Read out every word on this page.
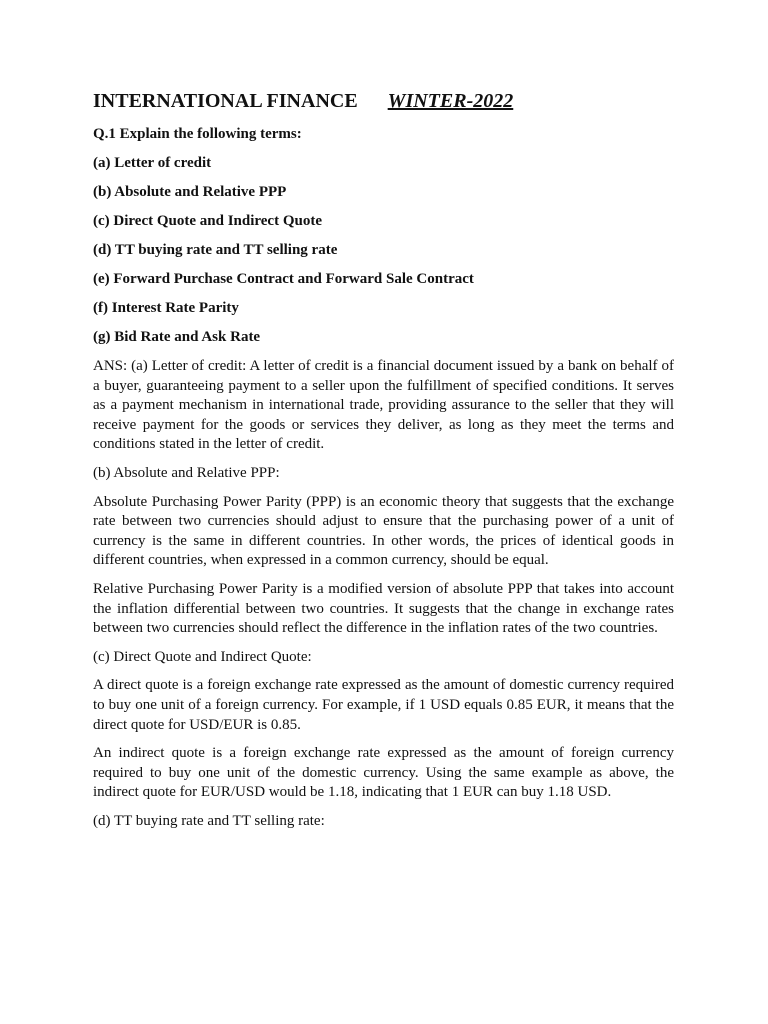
INTERNATIONAL FINANCE WINTER-2022
Q.1 Explain the following terms:
(a) Letter of credit
(b) Absolute and Relative PPP
(c) Direct Quote and Indirect Quote
(d) TT buying rate and TT selling rate
(e) Forward Purchase Contract and Forward Sale Contract
(f) Interest Rate Parity
(g) Bid Rate and Ask Rate

ANS: (a) Letter of credit: A letter of credit is a financial document issued by a bank on behalf of a buyer, guaranteeing payment to a seller upon the fulfillment of specified conditions. It serves as a payment mechanism in international trade, providing assurance to the seller that they will receive payment for the goods or services they deliver, as long as they meet the terms and conditions stated in the letter of credit.

(b) Absolute and Relative PPP:

Absolute Purchasing Power Parity (PPP) is an economic theory that suggests that the exchange rate between two currencies should adjust to ensure that the purchasing power of a unit of currency is the same in different countries. In other words, the prices of identical goods in different countries, when expressed in a common currency, should be equal.

Relative Purchasing Power Parity is a modified version of absolute PPP that takes into account the inflation differential between two countries. It suggests that the change in exchange rates between two currencies should reflect the difference in the inflation rates of the two countries.

(c) Direct Quote and Indirect Quote:

A direct quote is a foreign exchange rate expressed as the amount of domestic currency required to buy one unit of a foreign currency. For example, if 1 USD equals 0.85 EUR, it means that the direct quote for USD/EUR is 0.85.

An indirect quote is a foreign exchange rate expressed as the amount of foreign currency required to buy one unit of the domestic currency. Using the same example as above, the indirect quote for EUR/USD would be 1.18, indicating that 1 EUR can buy 1.18 USD.

(d) TT buying rate and TT selling rate:
